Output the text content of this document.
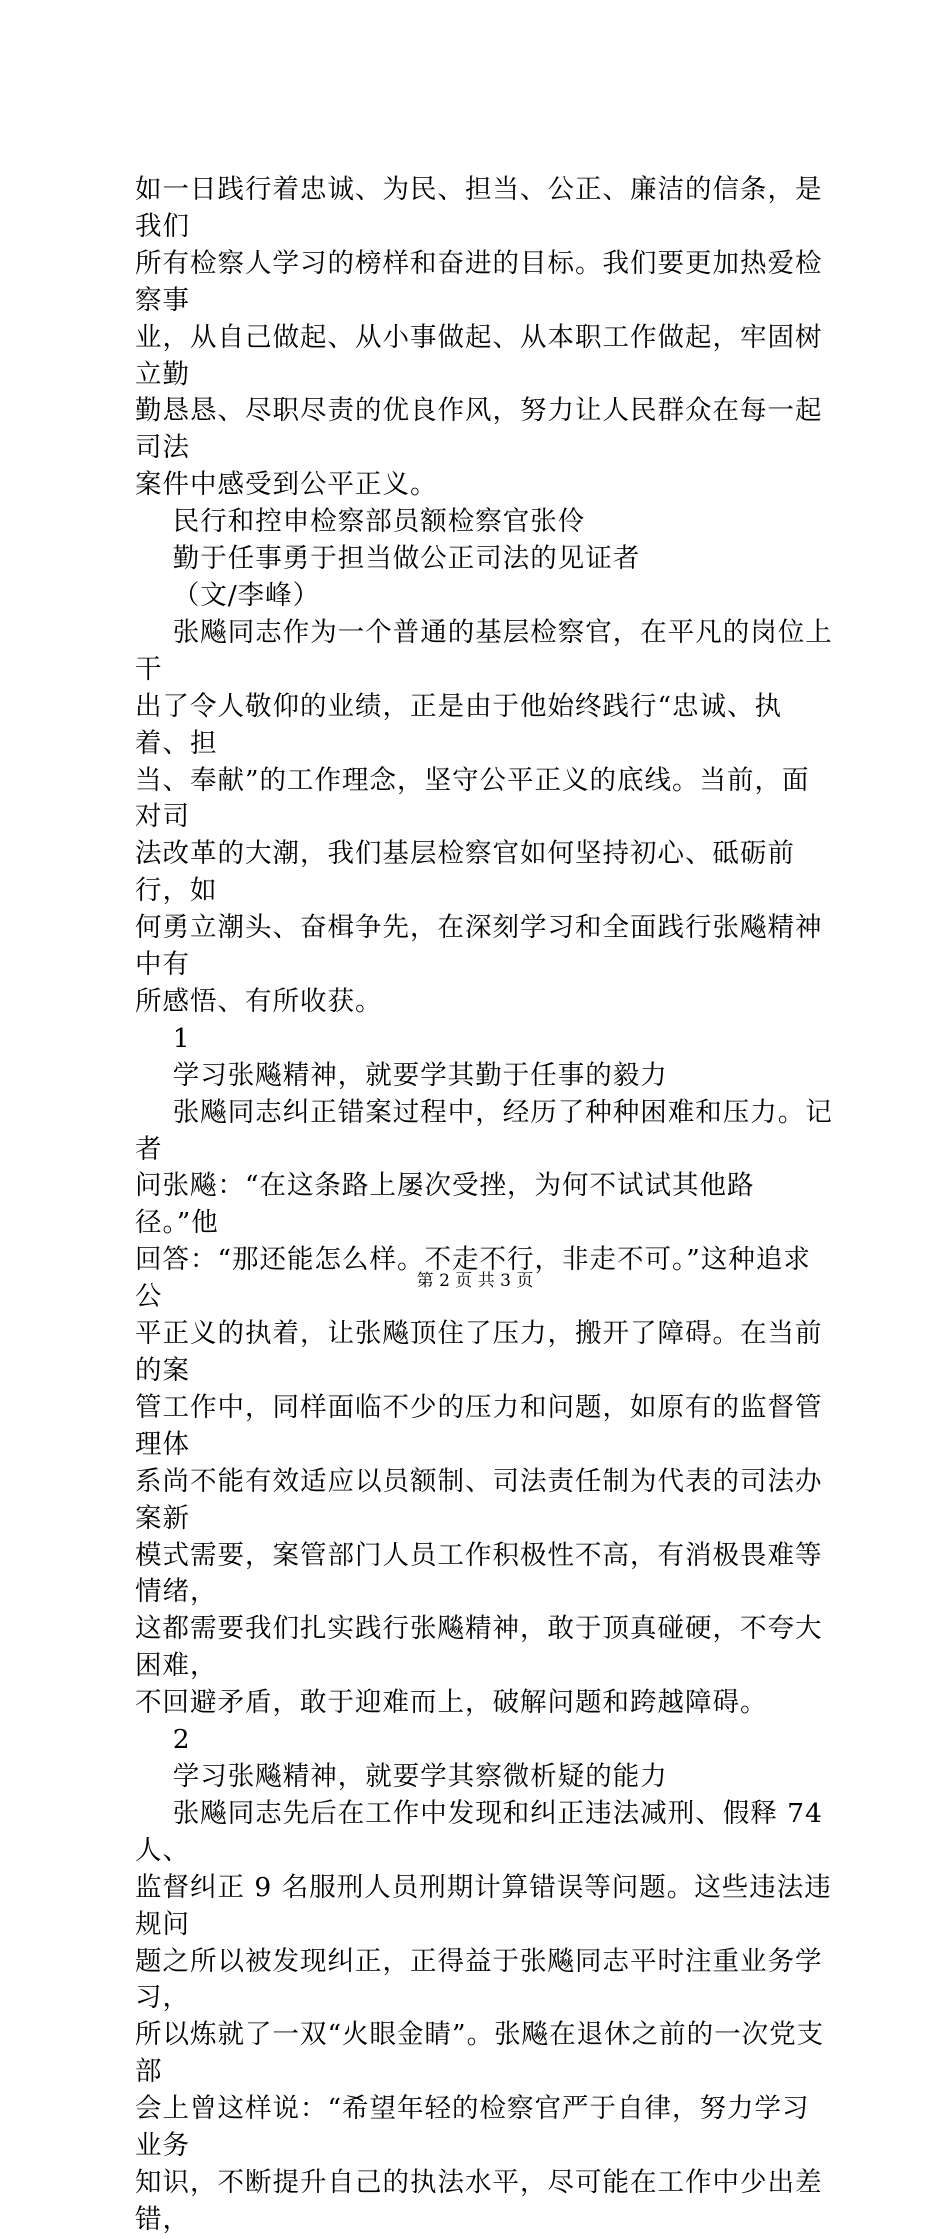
如一日践行着忠诚、为民、担当、公正、廉洁的信条，是我们

所有检察人学习的榜样和奋进的目标。我们要更加热爱检察事

业，从自己做起、从小事做起、从本职工作做起，牢固树立勤

勤恳恳、尽职尽责的优良作风，努力让人民群众在每一起司法

案件中感受到公平正义。

民行和控申检察部员额检察官张伶

勤于任事勇于担当做公正司法的见证者

（文/李峰）

张飚同志作为一个普通的基层检察官，在平凡的岗位上干

出了令人敬仰的业绩，正是由于他始终践行“忠诚、执着、担

当、奉献”的工作理念，坚守公平正义的底线。当前，面对司

法改革的大潮，我们基层检察官如何坚持初心、砥砺前行，如

何勇立潮头、奋楫争先，在深刻学习和全面践行张飚精神中有

所感悟、有所收获。

1

学习张飚精神，就要学其勤于任事的毅力

张飚同志纠正错案过程中，经历了种种困难和压力。记者

问张飚：“在这条路上屡次受挫，为何不试试其他路径。”他

回答：“那还能怎么样。不走不行，非走不可。”这种追求公

平正义的执着，让张飚顶住了压力，搬开了障碍。在当前的案

管工作中，同样面临不少的压力和问题，如原有的监督管理体

系尚不能有效适应以员额制、司法责任制为代表的司法办案新

模式需要，案管部门人员工作积极性不高，有消极畏难等情绪，

这都需要我们扎实践行张飚精神，敢于顶真碰硬，不夸大困难，

不回避矛盾，敢于迎难而上，破解问题和跨越障碍。

2

学习张飚精神，就要学其察微析疑的能力

张飚同志先后在工作中发现和纠正违法减刑、假释 74 人、

监督纠正 9 名服刑人员刑期计算错误等问题。这些违法违规问

题之所以被发现纠正，正得益于张飚同志平时注重业务学习，

所以炼就了一双“火眼金睛”。张飚在退休之前的一次党支部

会上曾这样说：“希望年轻的检察官严于自律，努力学习业务

知识，不断提升自己的执法水平，尽可能在工作中少出差错，

第 2 页 共 3 页
